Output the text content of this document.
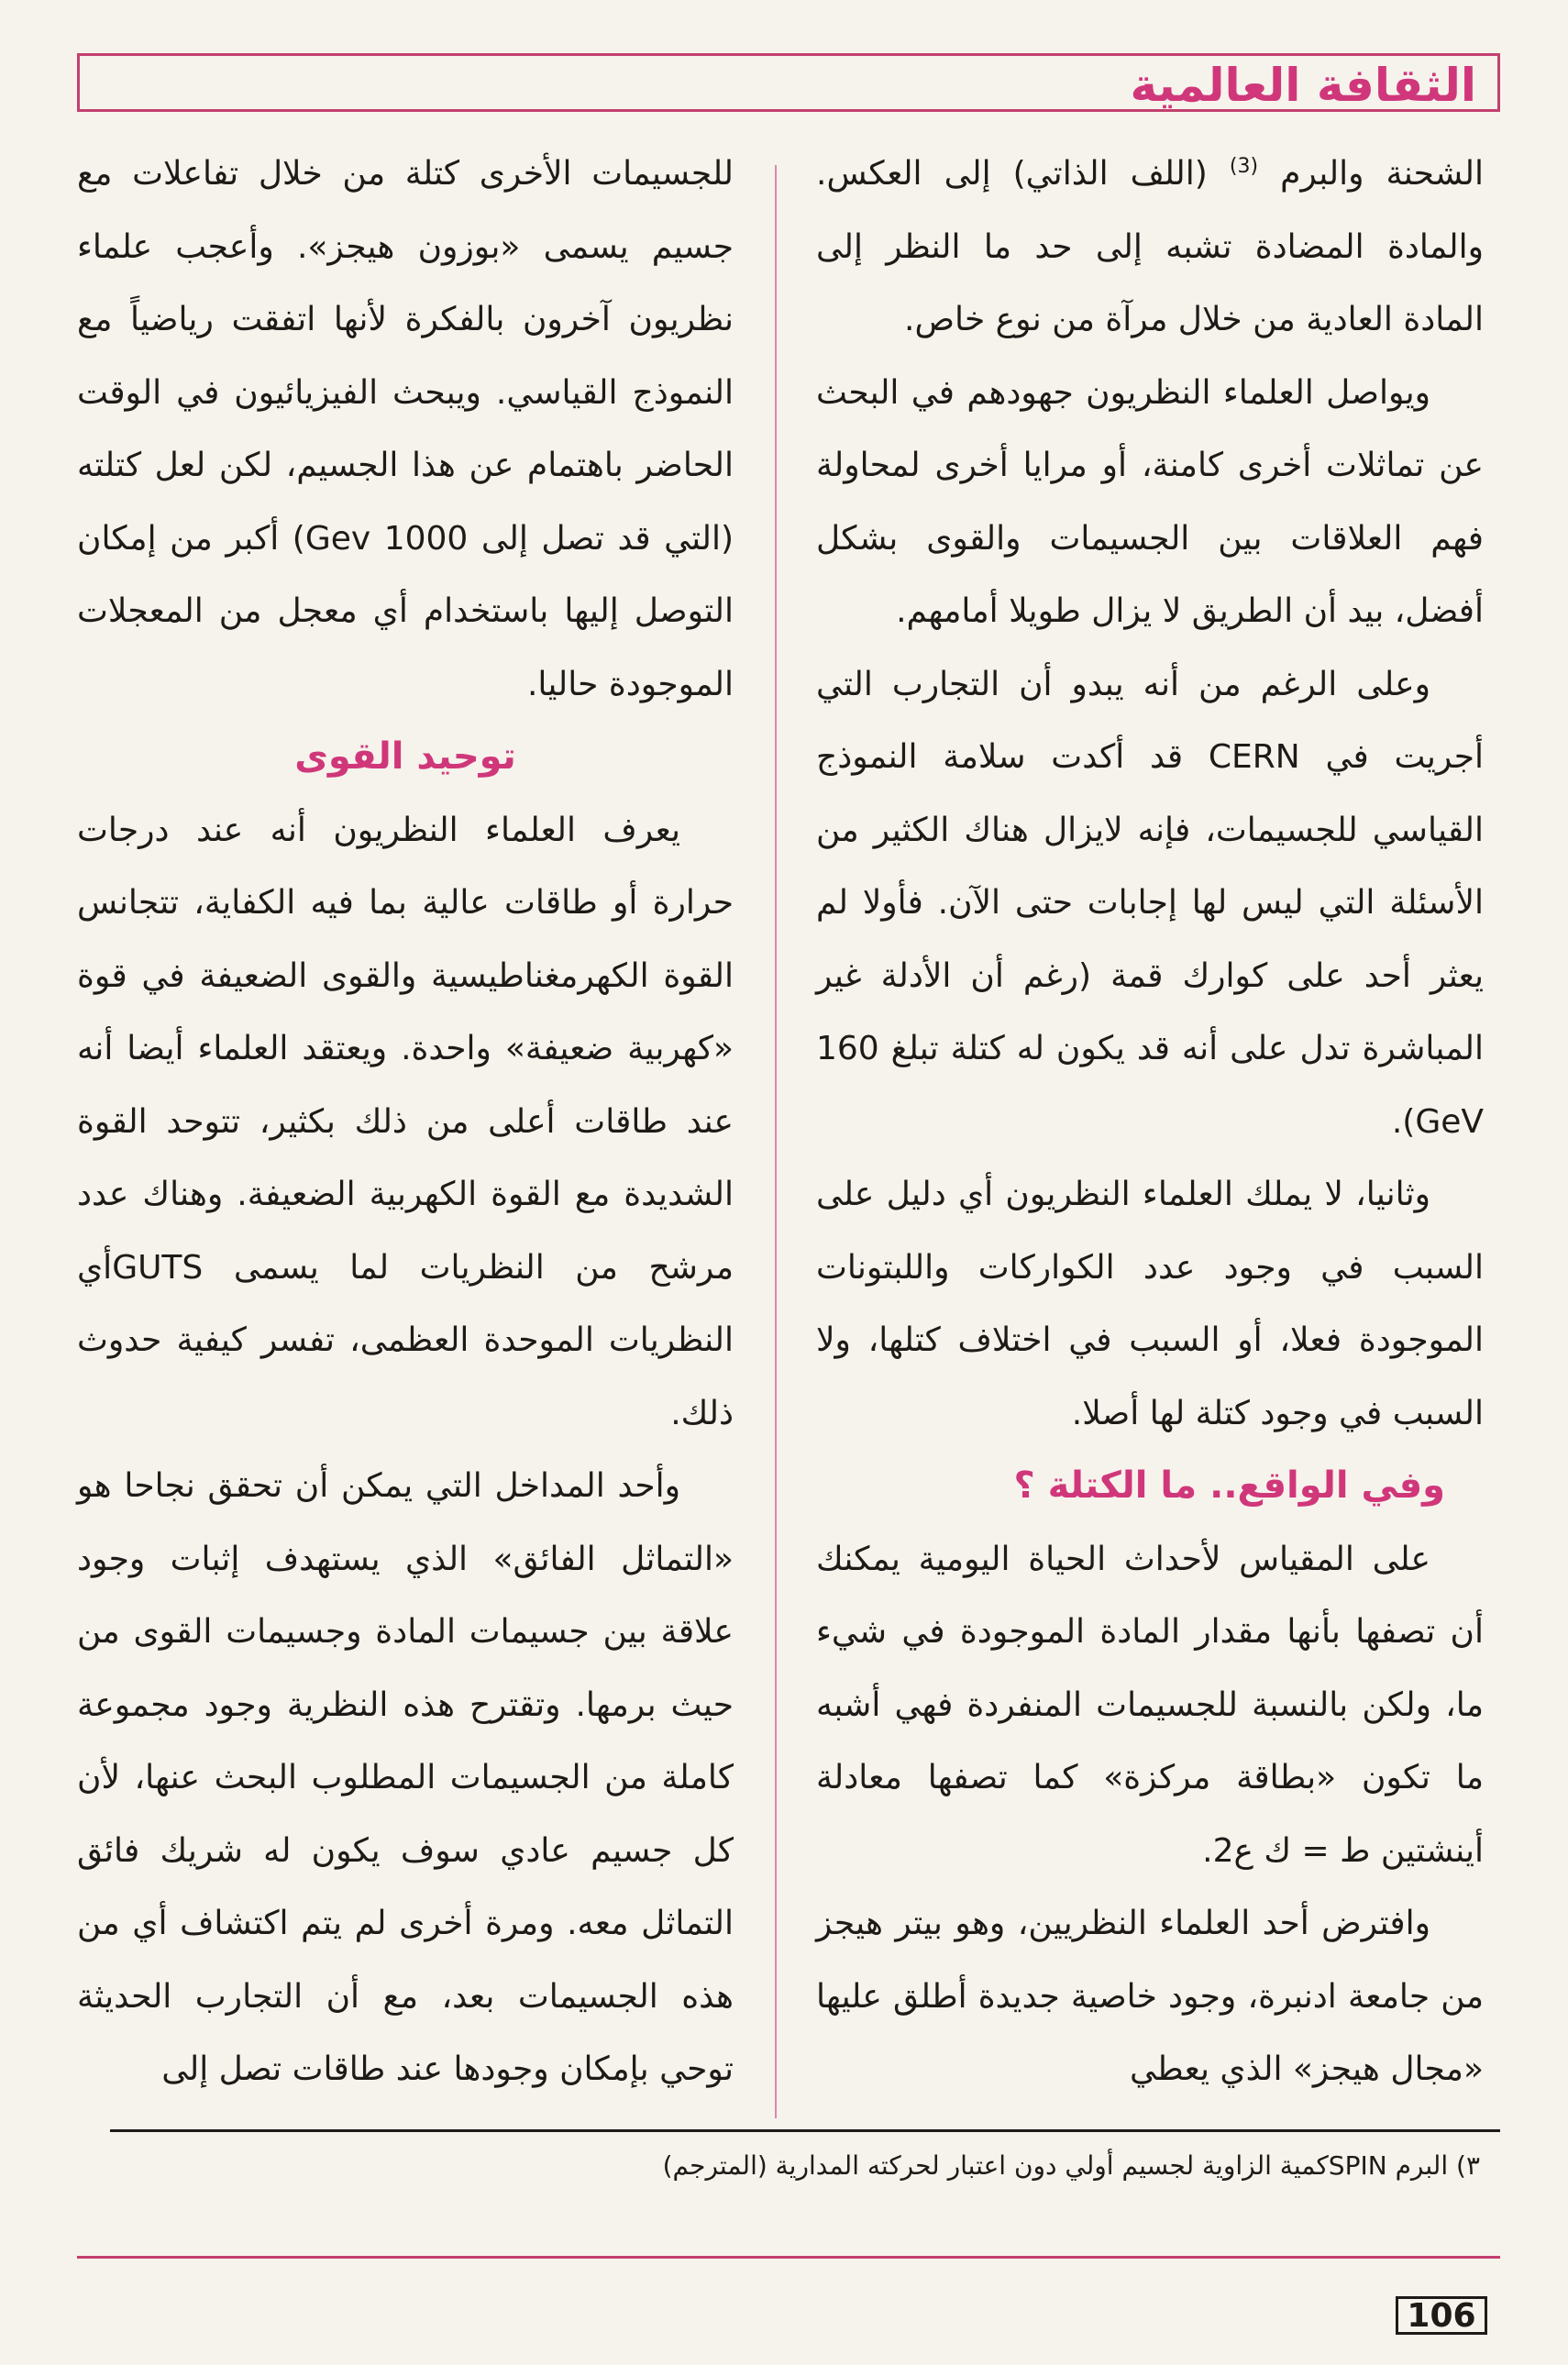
الثقافة العالمية

الشحنة والبرم $^{(3)}$ (اللف الذاتي) إلى العكس. والمادة المضادة تشبه إلى حد ما النظر إلى المادة العادية من خلال مرآة من نوع خاص.

ويواصل العلماء النظريون جهودهم في البحث عن تماثلات أخرى كامنة، أو مرايا أخرى لمحاولة فهم العلاقات بين الجسيمات والقوى بشكل أفضل، بيد أن الطريق لا يزال طويلا أمامهم.

وعلى الرغم من أنه يبدو أن التجارب التي أجريت في CERN قد أكدت سلامة النموذج القياسي للجسيمات، فإنه لايزال هناك الكثير من الأسئلة التي ليس لها إجابات حتى الآن. فأولا لم يعثر أحد على كوارك قمة (رغم أن الأدلة غير المباشرة تدل على أنه قد يكون له كتلة تبلغ 160 GeV).

وثانيا، لا يملك العلماء النظريون أي دليل على السبب في وجود عدد الكواركات واللبتونات الموجودة فعلا، أو السبب في اختلاف كتلها، ولا السبب في وجود كتلة لها أصلا.

وفي الواقع.. ما الكتلة ؟

على المقياس لأحداث الحياة اليومية يمكنك أن تصفها بأنها مقدار المادة الموجودة في شيء ما، ولكن بالنسبة للجسيمات المنفردة فهي أشبه ما تكون «بطاقة مركزة» كما تصفها معادلة أينشتين ط = ك ع2.

وافترض أحد العلماء النظريين، وهو بيتر هيجز من جامعة ادنبرة، وجود خاصية جديدة أطلق عليها «مجال هيجز» الذي يعطي

للجسيمات الأخرى كتلة من خلال تفاعلات مع جسيم يسمى «بوزون هيجز». وأعجب علماء نظريون آخرون بالفكرة لأنها اتفقت رياضياً مع النموذج القياسي. ويبحث الفيزيائيون في الوقت الحاضر باهتمام عن هذا الجسيم، لكن لعل كتلته (التي قد تصل إلى 1000 Gev) أكبر من إمكان التوصل إليها باستخدام أي معجل من المعجلات الموجودة حاليا.

توحيد القوى

يعرف العلماء النظريون أنه عند درجات حرارة أو طاقات عالية بما فيه الكفاية، تتجانس القوة الكهرمغناطيسية والقوى الضعيفة في قوة «كهربية ضعيفة» واحدة. ويعتقد العلماء أيضا أنه عند طاقات أعلى من ذلك بكثير، تتوحد القوة الشديدة مع القوة الكهربية الضعيفة. وهناك عدد مرشح من النظريات لما يسمى GUTSأي النظريات الموحدة العظمى، تفسر كيفية حدوث ذلك.

وأحد المداخل التي يمكن أن تحقق نجاحا هو «التماثل الفائق» الذي يستهدف إثبات وجود علاقة بين جسيمات المادة وجسيمات القوى من حيث برمها. وتقترح هذه النظرية وجود مجموعة كاملة من الجسيمات المطلوب البحث عنها، لأن كل جسيم عادي سوف يكون له شريك فائق التماثل معه. ومرة أخرى لم يتم اكتشاف أي من هذه الجسيمات بعد، مع أن التجارب الحديثة توحي بإمكان وجودها عند طاقات تصل إلى

٣) البرم SPINكمية الزاوية لجسيم أولي دون اعتبار لحركته المدارية (المترجم)

106
